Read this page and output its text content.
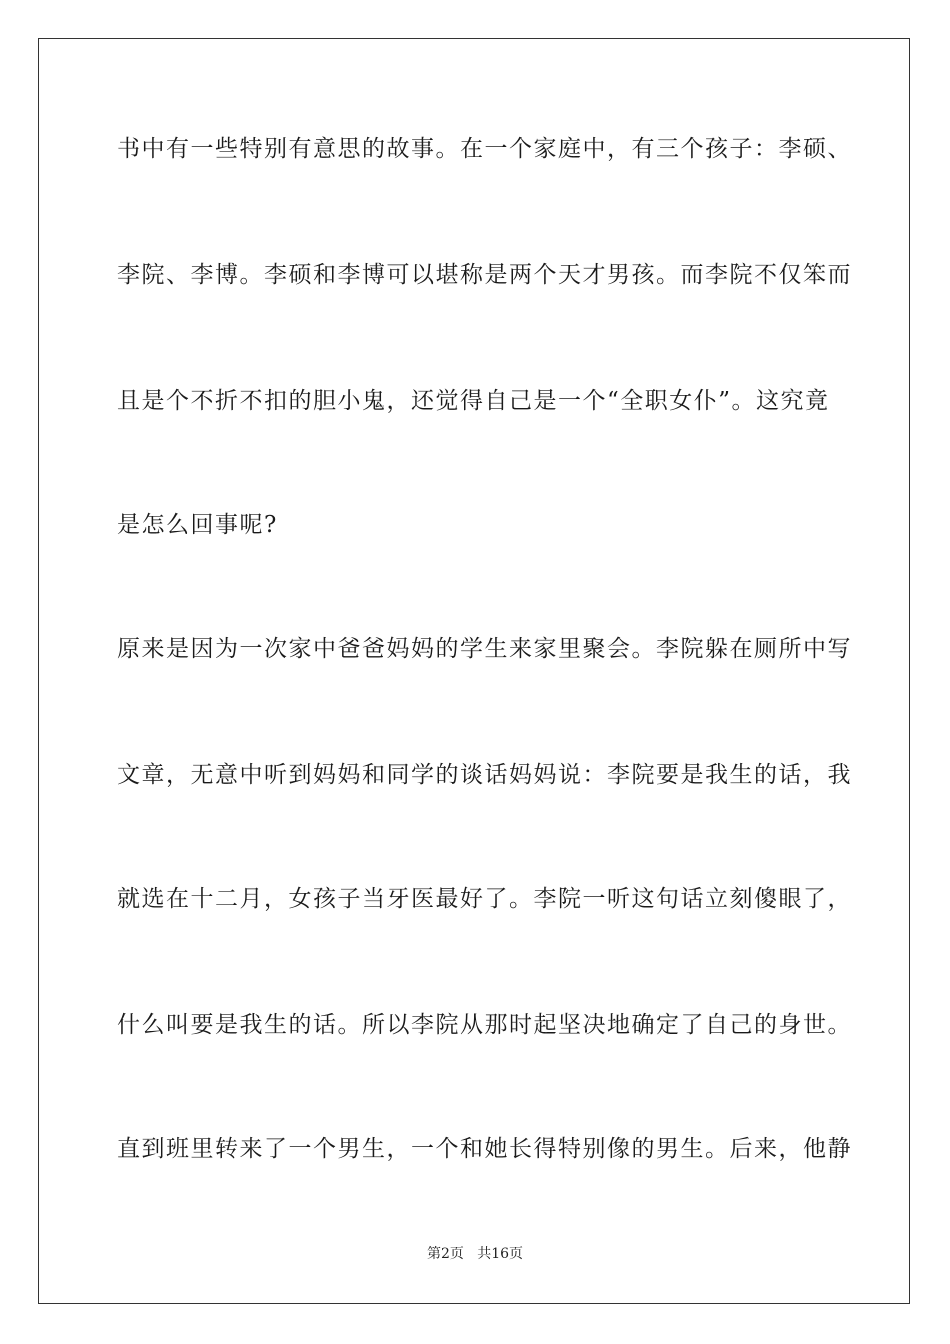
书中有一些特别有意思的故事。在一个家庭中，有三个孩子：李硕、
李院、李博。李硕和李博可以堪称是两个天才男孩。而李院不仅笨而
且是个不折不扣的胆小鬼，还觉得自己是一个“全职女仆”。这究竟
是怎么回事呢?
原来是因为一次家中爸爸妈妈的学生来家里聚会。李院躲在厕所中写
文章，无意中听到妈妈和同学的谈话妈妈说：李院要是我生的话，我
就选在十二月，女孩子当牙医最好了。李院一听这句话立刻傻眼了，
什么叫要是我生的话。所以李院从那时起坚决地确定了自己的身世。
直到班里转来了一个男生，一个和她长得特别像的男生。后来，他静
第2页   共16页
